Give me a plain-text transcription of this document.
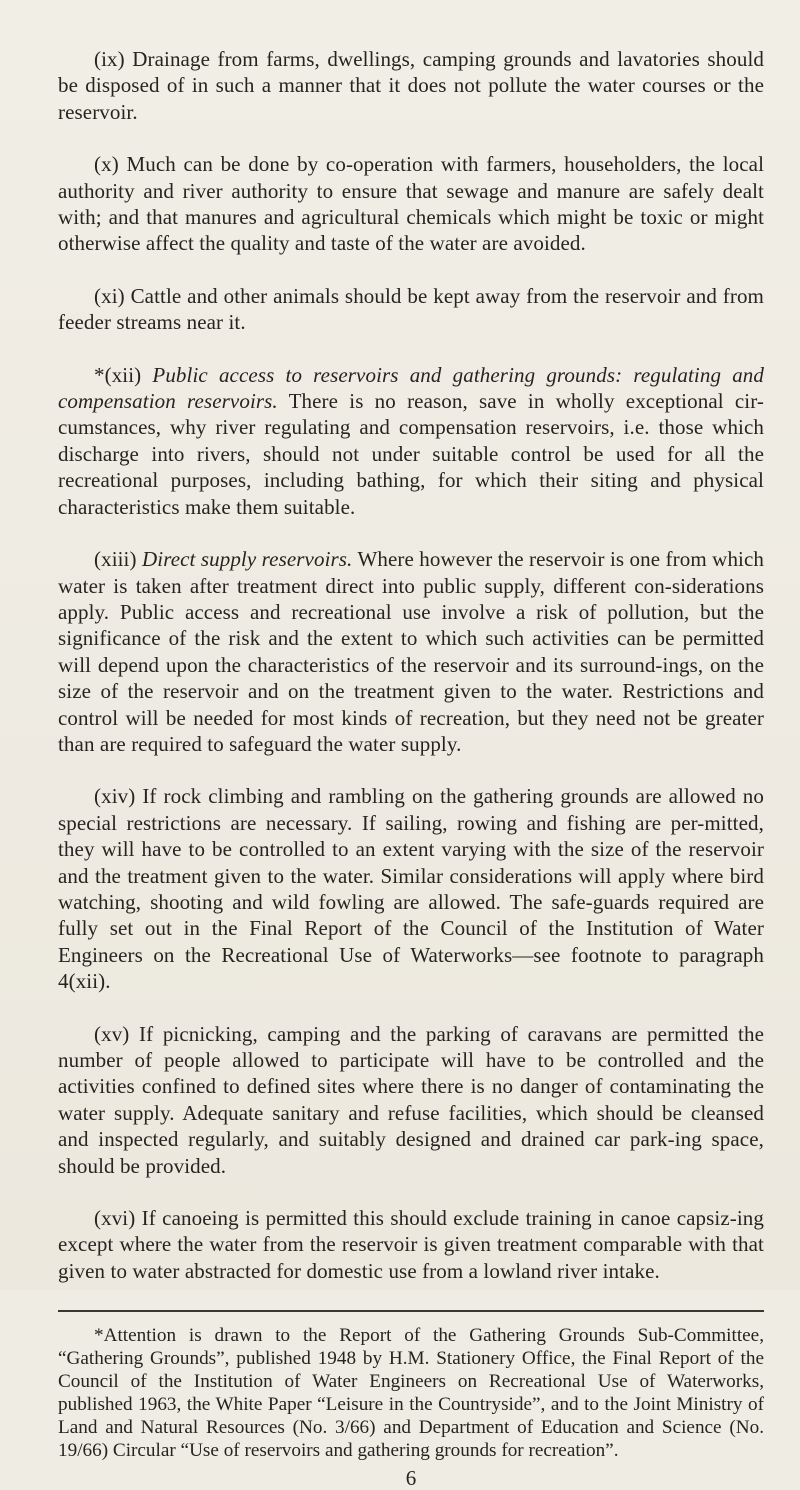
(ix) Drainage from farms, dwellings, camping grounds and lavatories should be disposed of in such a manner that it does not pollute the water courses or the reservoir.

(x) Much can be done by co-operation with farmers, householders, the local authority and river authority to ensure that sewage and manure are safely dealt with; and that manures and agricultural chemicals which might be toxic or might otherwise affect the quality and taste of the water are avoided.

(xi) Cattle and other animals should be kept away from the reservoir and from feeder streams near it.

*(xii) Public access to reservoirs and gathering grounds: regulating and compensation reservoirs. There is no reason, save in wholly exceptional cir-cumstances, why river regulating and compensation reservoirs, i.e. those which discharge into rivers, should not under suitable control be used for all the recreational purposes, including bathing, for which their siting and physical characteristics make them suitable.

(xiii) Direct supply reservoirs. Where however the reservoir is one from which water is taken after treatment direct into public supply, different con-siderations apply. Public access and recreational use involve a risk of pollution, but the significance of the risk and the extent to which such activities can be permitted will depend upon the characteristics of the reservoir and its surround-ings, on the size of the reservoir and on the treatment given to the water. Restrictions and control will be needed for most kinds of recreation, but they need not be greater than are required to safeguard the water supply.

(xiv) If rock climbing and rambling on the gathering grounds are allowed no special restrictions are necessary. If sailing, rowing and fishing are per-mitted, they will have to be controlled to an extent varying with the size of the reservoir and the treatment given to the water. Similar considerations will apply where bird watching, shooting and wild fowling are allowed. The safe-guards required are fully set out in the Final Report of the Council of the Institution of Water Engineers on the Recreational Use of Waterworks—see footnote to paragraph 4(xii).

(xv) If picnicking, camping and the parking of caravans are permitted the number of people allowed to participate will have to be controlled and the activities confined to defined sites where there is no danger of contaminating the water supply. Adequate sanitary and refuse facilities, which should be cleansed and inspected regularly, and suitably designed and drained car park-ing space, should be provided.

(xvi) If canoeing is permitted this should exclude training in canoe capsiz-ing except where the water from the reservoir is given treatment comparable with that given to water abstracted for domestic use from a lowland river intake.

*Attention is drawn to the Report of the Gathering Grounds Sub-Committee, “Gathering Grounds”, published 1948 by H.M. Stationery Office, the Final Report of the Council of the Institution of Water Engineers on Recreational Use of Waterworks, published 1963, the White Paper “Leisure in the Countryside”, and to the Joint Ministry of Land and Natural Resources (No. 3/66) and Department of Education and Science (No. 19/66) Circular “Use of reservoirs and gathering grounds for recreation”.

6
